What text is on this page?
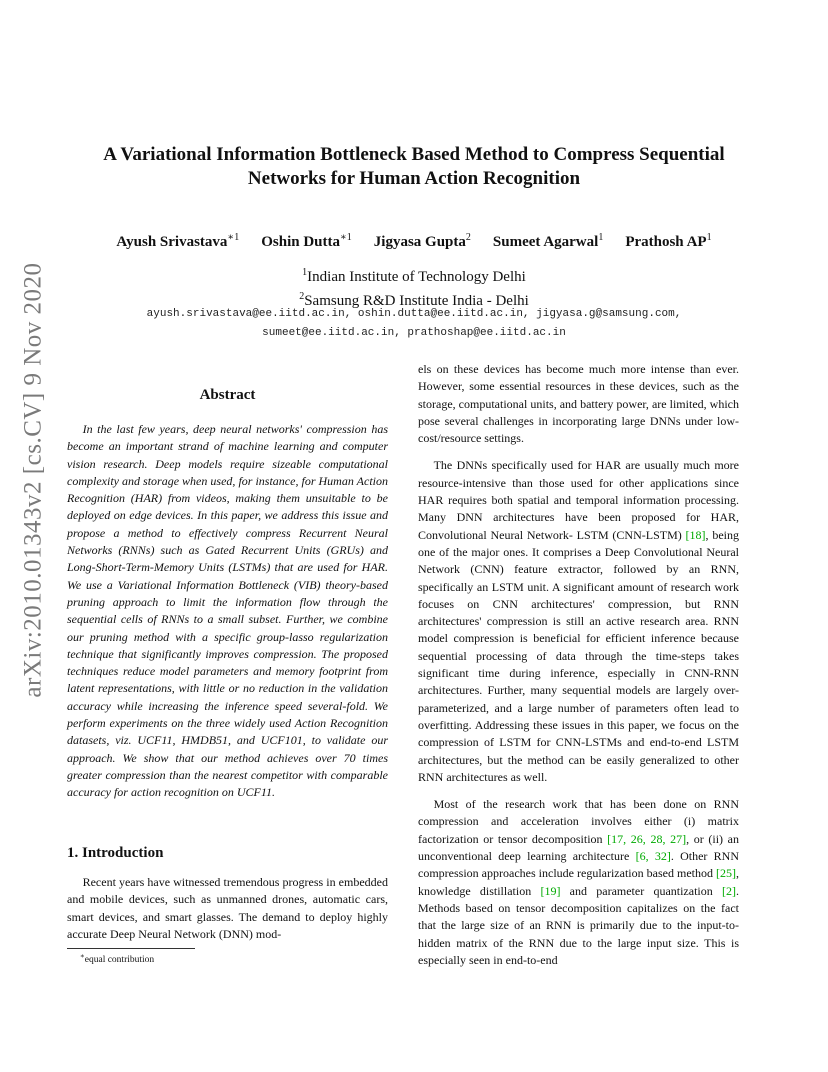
arXiv:2010.01343v2 [cs.CV] 9 Nov 2020
A Variational Information Bottleneck Based Method to Compress Sequential Networks for Human Action Recognition
Ayush Srivastava$^{∗1}$ Oshin Dutta$^{∗1}$ Jigyasa Gupta$^2$ Sumeet Agarwal$^1$ Prathosh $AP^1$
$^1$Indian Institute of Technology Delhi
$^2$Samsung R&D Institute India - Delhi
ayush.srivastava@ee.iitd.ac.in, oshin.dutta@ee.iitd.ac.in, jigyasa.g@samsung.com,
sumeet@ee.iitd.ac.in, prathoshap@ee.iitd.ac.in
Abstract

In the last few years, deep neural networks' compression has become an important strand of machine learning and computer vision research. Deep models require sizeable computational complexity and storage when used, for instance, for Human Action Recognition (HAR) from videos, making them unsuitable to be deployed on edge devices. In this paper, we address this issue and propose a method to effectively compress Recurrent Neural Networks (RNNs) such as Gated Recurrent Units (GRUs) and Long-Short-Term-Memory Units (LSTMs) that are used for HAR. We use a Variational Information Bottleneck (VIB) theory-based pruning approach to limit the information flow through the sequential cells of RNNs to a small subset. Further, we combine our pruning method with a specific group-lasso regularization technique that significantly improves compression. The proposed techniques reduce model parameters and memory footprint from latent representations, with little or no reduction in the validation accuracy while increasing the inference speed several-fold. We perform experiments on the three widely used Action Recognition datasets, viz. UCF11, HMDB51, and UCF101, to validate our approach. We show that our method achieves over 70 times greater compression than the nearest competitor with comparable accuracy for action recognition on UCF11.

1. Introduction

Recent years have witnessed tremendous progress in embedded and mobile devices, such as unmanned drones, automatic cars, smart devices, and smart glasses. The demand to deploy highly accurate Deep Neural Network (DNN) mod-

∗equal contribution

els on these devices has become much more intense than ever. However, some essential resources in these devices, such as the storage, computational units, and battery power, are limited, which pose several challenges in incorporating large DNNs under low-cost/resource settings.

The DNNs specifically used for HAR are usually much more resource-intensive than those used for other applications since HAR requires both spatial and temporal information processing. Many DNN architectures have been proposed for HAR, Convolutional Neural Network- LSTM (CNN-LSTM) [18], being one of the major ones. It comprises a Deep Convolutional Neural Network (CNN) feature extractor, followed by an RNN, specifically an LSTM unit. A significant amount of research work focuses on CNN architectures' compression, but RNN architectures' compression is still an active research area. RNN model compression is beneficial for efficient inference because sequential processing of data through the time-steps takes significant time during inference, especially in CNN-RNN architectures. Further, many sequential models are largely over-parameterized, and a large number of parameters often lead to overfitting. Addressing these issues in this paper, we focus on the compression of LSTM for CNN-LSTMs and end-to-end LSTM architectures, but the method can be easily generalized to other RNN architectures as well.

Most of the research work that has been done on RNN compression and acceleration involves either (i) matrix factorization or tensor decomposition [17, 26, 28, 27], or (ii) an unconventional deep learning architecture [6, 32]. Other RNN compression approaches include regularization based method [25], knowledge distillation [19] and parameter quantization [2]. Methods based on tensor decomposition capitalizes on the fact that the large size of an RNN is primarily due to the input-to-hidden matrix of the RNN due to the large input size. This is especially seen in end-to-end
